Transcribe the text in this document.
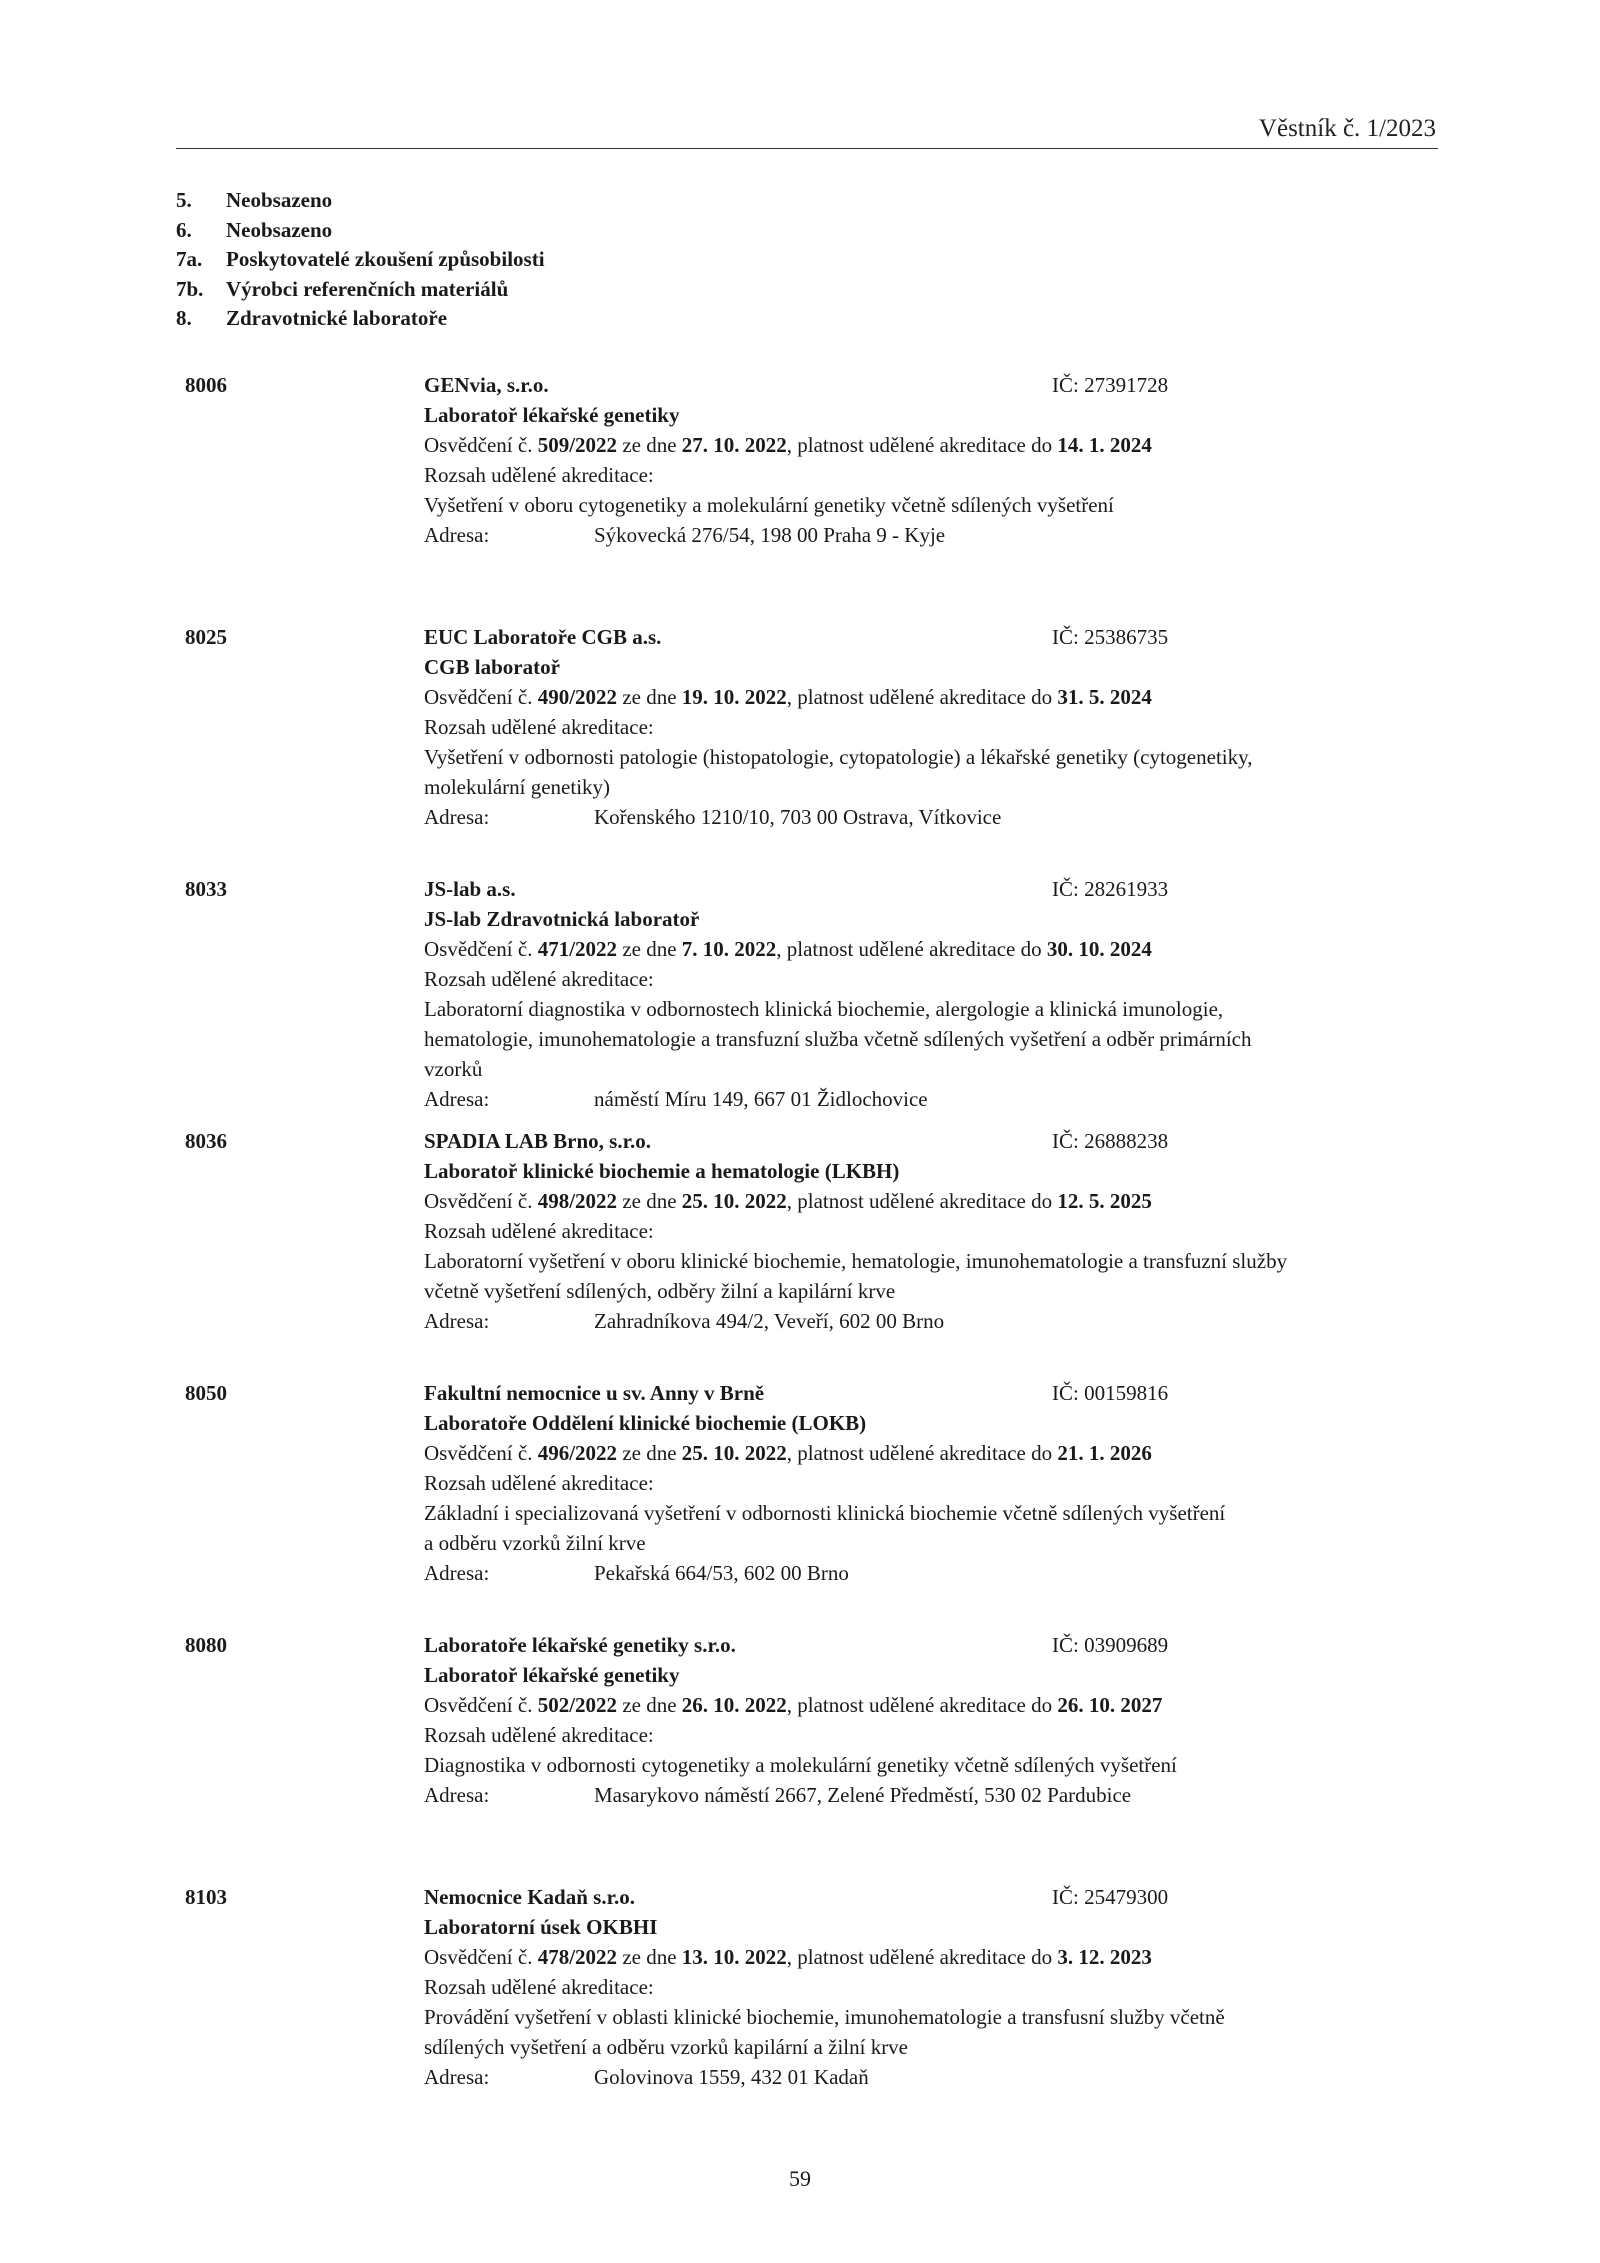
Věstník č. 1/2023
5. Neobsazeno
6. Neobsazeno
7a. Poskytovatelé zkoušení způsobilosti
7b. Výrobci referenčních materiálů
8. Zdravotnické laboratoře
8006	GENvia, s.r.o.	IČ: 27391728
Laboratoř lékařské genetiky
Osvědčení č. 509/2022 ze dne 27. 10. 2022, platnost udělené akreditace do 14. 1. 2024
Rozsah udělené akreditace:
Vyšetření v oboru cytogenetiky a molekulární genetiky včetně sdílených vyšetření
Adresa:	Sýkovecká 276/54, 198 00 Praha 9 - Kyje
8025	EUC Laboratoře CGB a.s.	IČ: 25386735
CGB laboratoř
Osvědčení č. 490/2022 ze dne 19. 10. 2022, platnost udělené akreditace do 31. 5. 2024
Rozsah udělené akreditace:
Vyšetření v odbornosti patologie (histopatologie, cytopatologie) a lékařské genetiky (cytogenetiky,
molekulární genetiky)
Adresa:	Kořenského 1210/10, 703 00 Ostrava, Vítkovice
8033	JS-lab a.s.	IČ: 28261933
JS-lab Zdravotnická laboratoř
Osvědčení č. 471/2022 ze dne 7. 10. 2022, platnost udělené akreditace do 30. 10. 2024
Rozsah udělené akreditace:
Laboratorní diagnostika v odbornostech klinická biochemie, alergologie a klinická imunologie,
hematologie, imunohematologie a transfuzní služba včetně sdílených vyšetření a odběr primárních
vzorků
Adresa:	náměstí Míru 149, 667 01 Židlochovice
8036	SPADIA LAB Brno, s.r.o.	IČ: 26888238
Laboratoř klinické biochemie a hematologie (LKBH)
Osvědčení č. 498/2022 ze dne 25. 10. 2022, platnost udělené akreditace do 12. 5. 2025
Rozsah udělené akreditace:
Laboratorní vyšetření v oboru klinické biochemie, hematologie, imunohematologie a transfuzní služby
včetně vyšetření sdílených, odběry žilní a kapilární krve
Adresa:	Zahradníkova 494/2, Veveří, 602 00 Brno
8050	Fakultní nemocnice u sv. Anny v Brně	IČ: 00159816
Laboratoře Oddělení klinické biochemie (LOKB)
Osvědčení č. 496/2022 ze dne 25. 10. 2022, platnost udělené akreditace do 21. 1. 2026
Rozsah udělené akreditace:
Základní i specializovaná vyšetření v odbornosti klinická biochemie včetně sdílených vyšetření
a odběru vzorků žilní krve
Adresa:	Pekařská 664/53, 602 00 Brno
8080	Laboratoře lékařské genetiky s.r.o.	IČ: 03909689
Laboratoř lékařské genetiky
Osvědčení č. 502/2022 ze dne 26. 10. 2022, platnost udělené akreditace do 26. 10. 2027
Rozsah udělené akreditace:
Diagnostika v odbornosti cytogenetiky a molekulární genetiky včetně sdílených vyšetření
Adresa:	Masarykovo náměstí 2667, Zelené Předměstí, 530 02 Pardubice
8103	Nemocnice Kadaň s.r.o.	IČ: 25479300
Laboratorní úsek OKBHI
Osvědčení č. 478/2022 ze dne 13. 10. 2022, platnost udělené akreditace do 3. 12. 2023
Rozsah udělené akreditace:
Provádění vyšetření v oblasti klinické biochemie, imunohematologie a transfusní služby včetně
sdílených vyšetření a odběru vzorků kapilární a žilní krve
Adresa:	Golovinova 1559, 432 01 Kadaň
59
